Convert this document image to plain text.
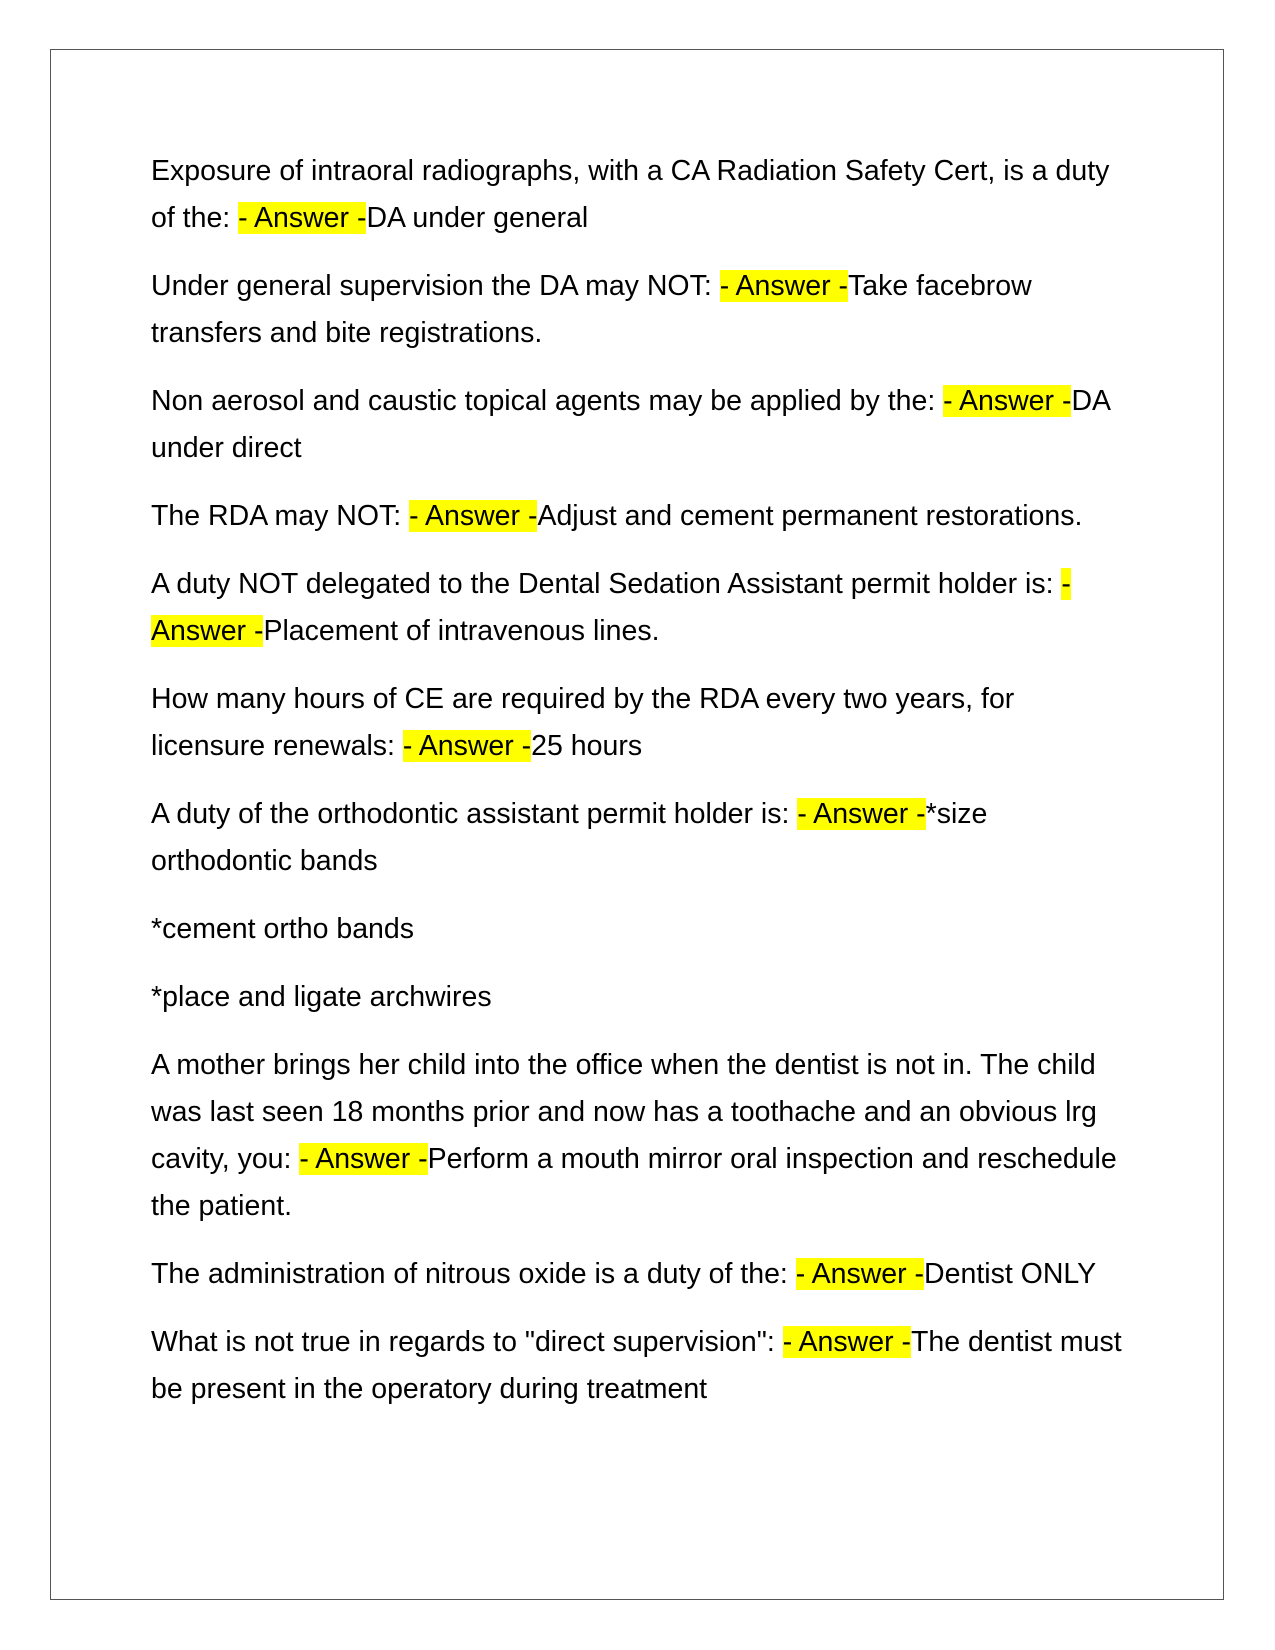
Exposure of intraoral radiographs, with a CA Radiation Safety Cert, is a duty of the: - Answer -DA under general

Under general supervision the DA may NOT: - Answer -Take facebrow transfers and bite registrations.

Non aerosol and caustic topical agents may be applied by the: - Answer -DA under direct

The RDA may NOT: - Answer -Adjust and cement permanent restorations.

A duty NOT delegated to the Dental Sedation Assistant permit holder is: - Answer -Placement of intravenous lines.

How many hours of CE are required by the RDA every two years, for licensure renewals: - Answer -25 hours

A duty of the orthodontic assistant permit holder is: - Answer -*size orthodontic bands

*cement ortho bands

*place and ligate archwires

A mother brings her child into the office when the dentist is not in. The child was last seen 18 months prior and now has a toothache and an obvious lrg cavity, you: - Answer -Perform a mouth mirror oral inspection and reschedule the patient.

The administration of nitrous oxide is a duty of the: - Answer -Dentist ONLY

What is not true in regards to "direct supervision": - Answer -The dentist must be present in the operatory during treatment
